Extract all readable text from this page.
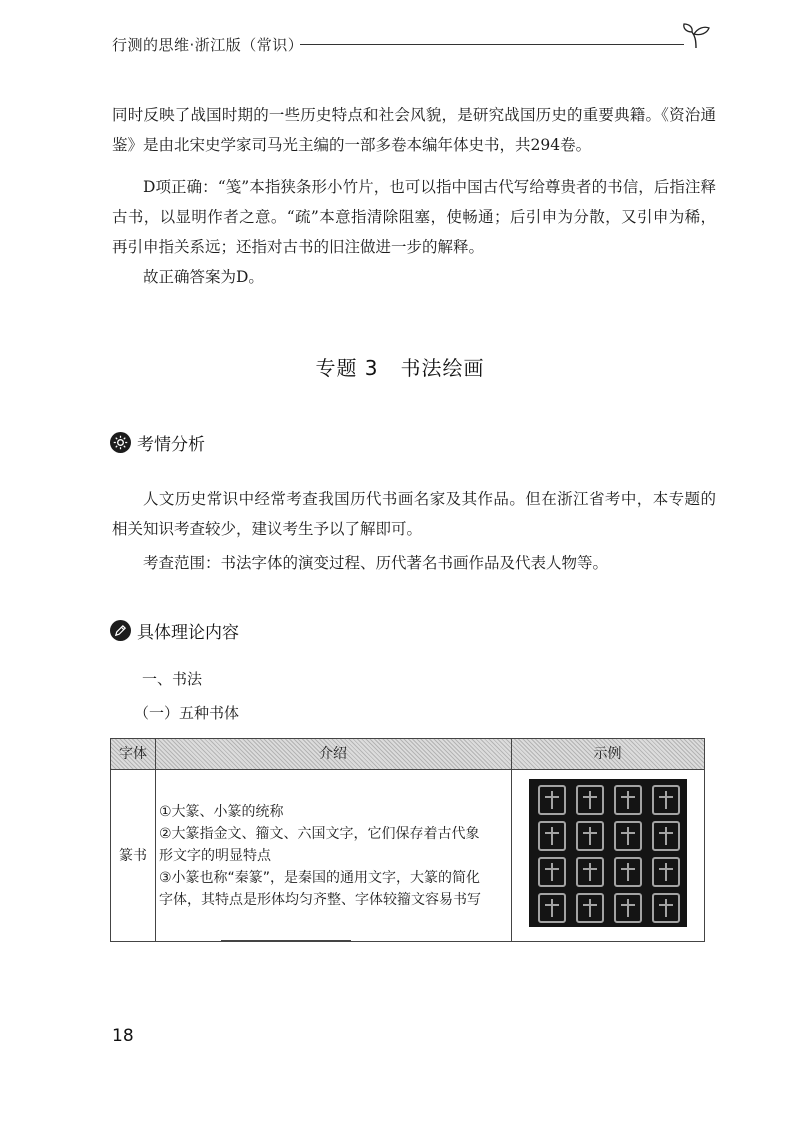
行测的思维·浙江版（常识）

同时反映了战国时期的一些历史特点和社会风貌，是研究战国历史的重要典籍。《资治通鉴》是由北宋史学家司马光主编的一部多卷本编年体史书，共294卷。

D项正确：“笺”本指狭条形小竹片，也可以指中国古代写给尊贵者的书信，后指注释古书，以显明作者之意。“疏”本意指清除阻塞，使畅通；后引申为分散，又引申为稀，再引申指关系远；还指对古书的旧注做进一步的解释。

故正确答案为D。

专题 3 书法绘画
考情分析

人文历史常识中经常考查我国历代书画名家及其作品。但在浙江省考中，本专题的相关知识考查较少，建议考生予以了解即可。

考查范围：书法字体的演变过程、历代著名书画作品及代表人物等。

具体理论内容
一、书法
（一）五种书体
字体	介绍	示例
篆书
①大篆、小篆的统称
②大篆指金文、籀文、六国文字，它们保存着古代象
形文字的明显特点
③小篆也称“秦篆”，是秦国的通用文字，大篆的简化
字体，其特点是形体均匀齐整、字体较籀文容易书写
18
